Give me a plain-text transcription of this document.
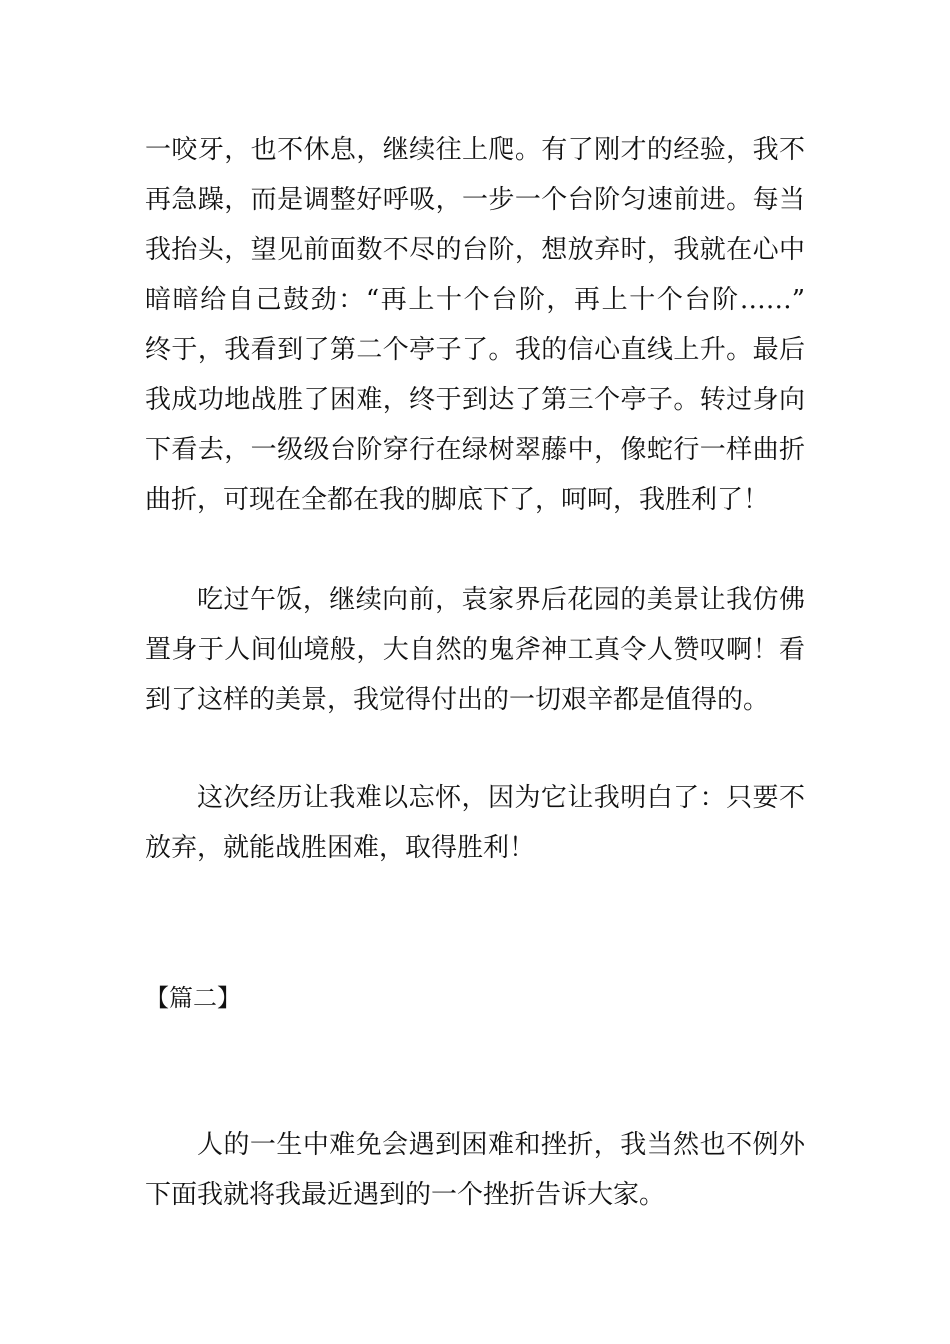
一咬牙，也不休息，继续往上爬。有了刚才的经验，我不
再急躁，而是调整好呼吸，一步一个台阶匀速前进。每当
我抬头，望见前面数不尽的台阶，想放弃时，我就在心中
暗暗给自己鼓劲：“再上十个台阶，再上十个台阶……”
终于，我看到了第二个亭子了。我的信心直线上升。最后
我成功地战胜了困难，终于到达了第三个亭子。转过身向
下看去，一级级台阶穿行在绿树翠藤中，像蛇行一样曲折
曲折，可现在全都在我的脚底下了，呵呵，我胜利了！
吃过午饭，继续向前，袁家界后花园的美景让我仿佛
置身于人间仙境般，大自然的鬼斧神工真令人赞叹啊！看
到了这样的美景，我觉得付出的一切艰辛都是值得的。
这次经历让我难以忘怀，因为它让我明白了：只要不
放弃，就能战胜困难，取得胜利！
【篇二】
人的一生中难免会遇到困难和挫折，我当然也不例外
下面我就将我最近遇到的一个挫折告诉大家。
